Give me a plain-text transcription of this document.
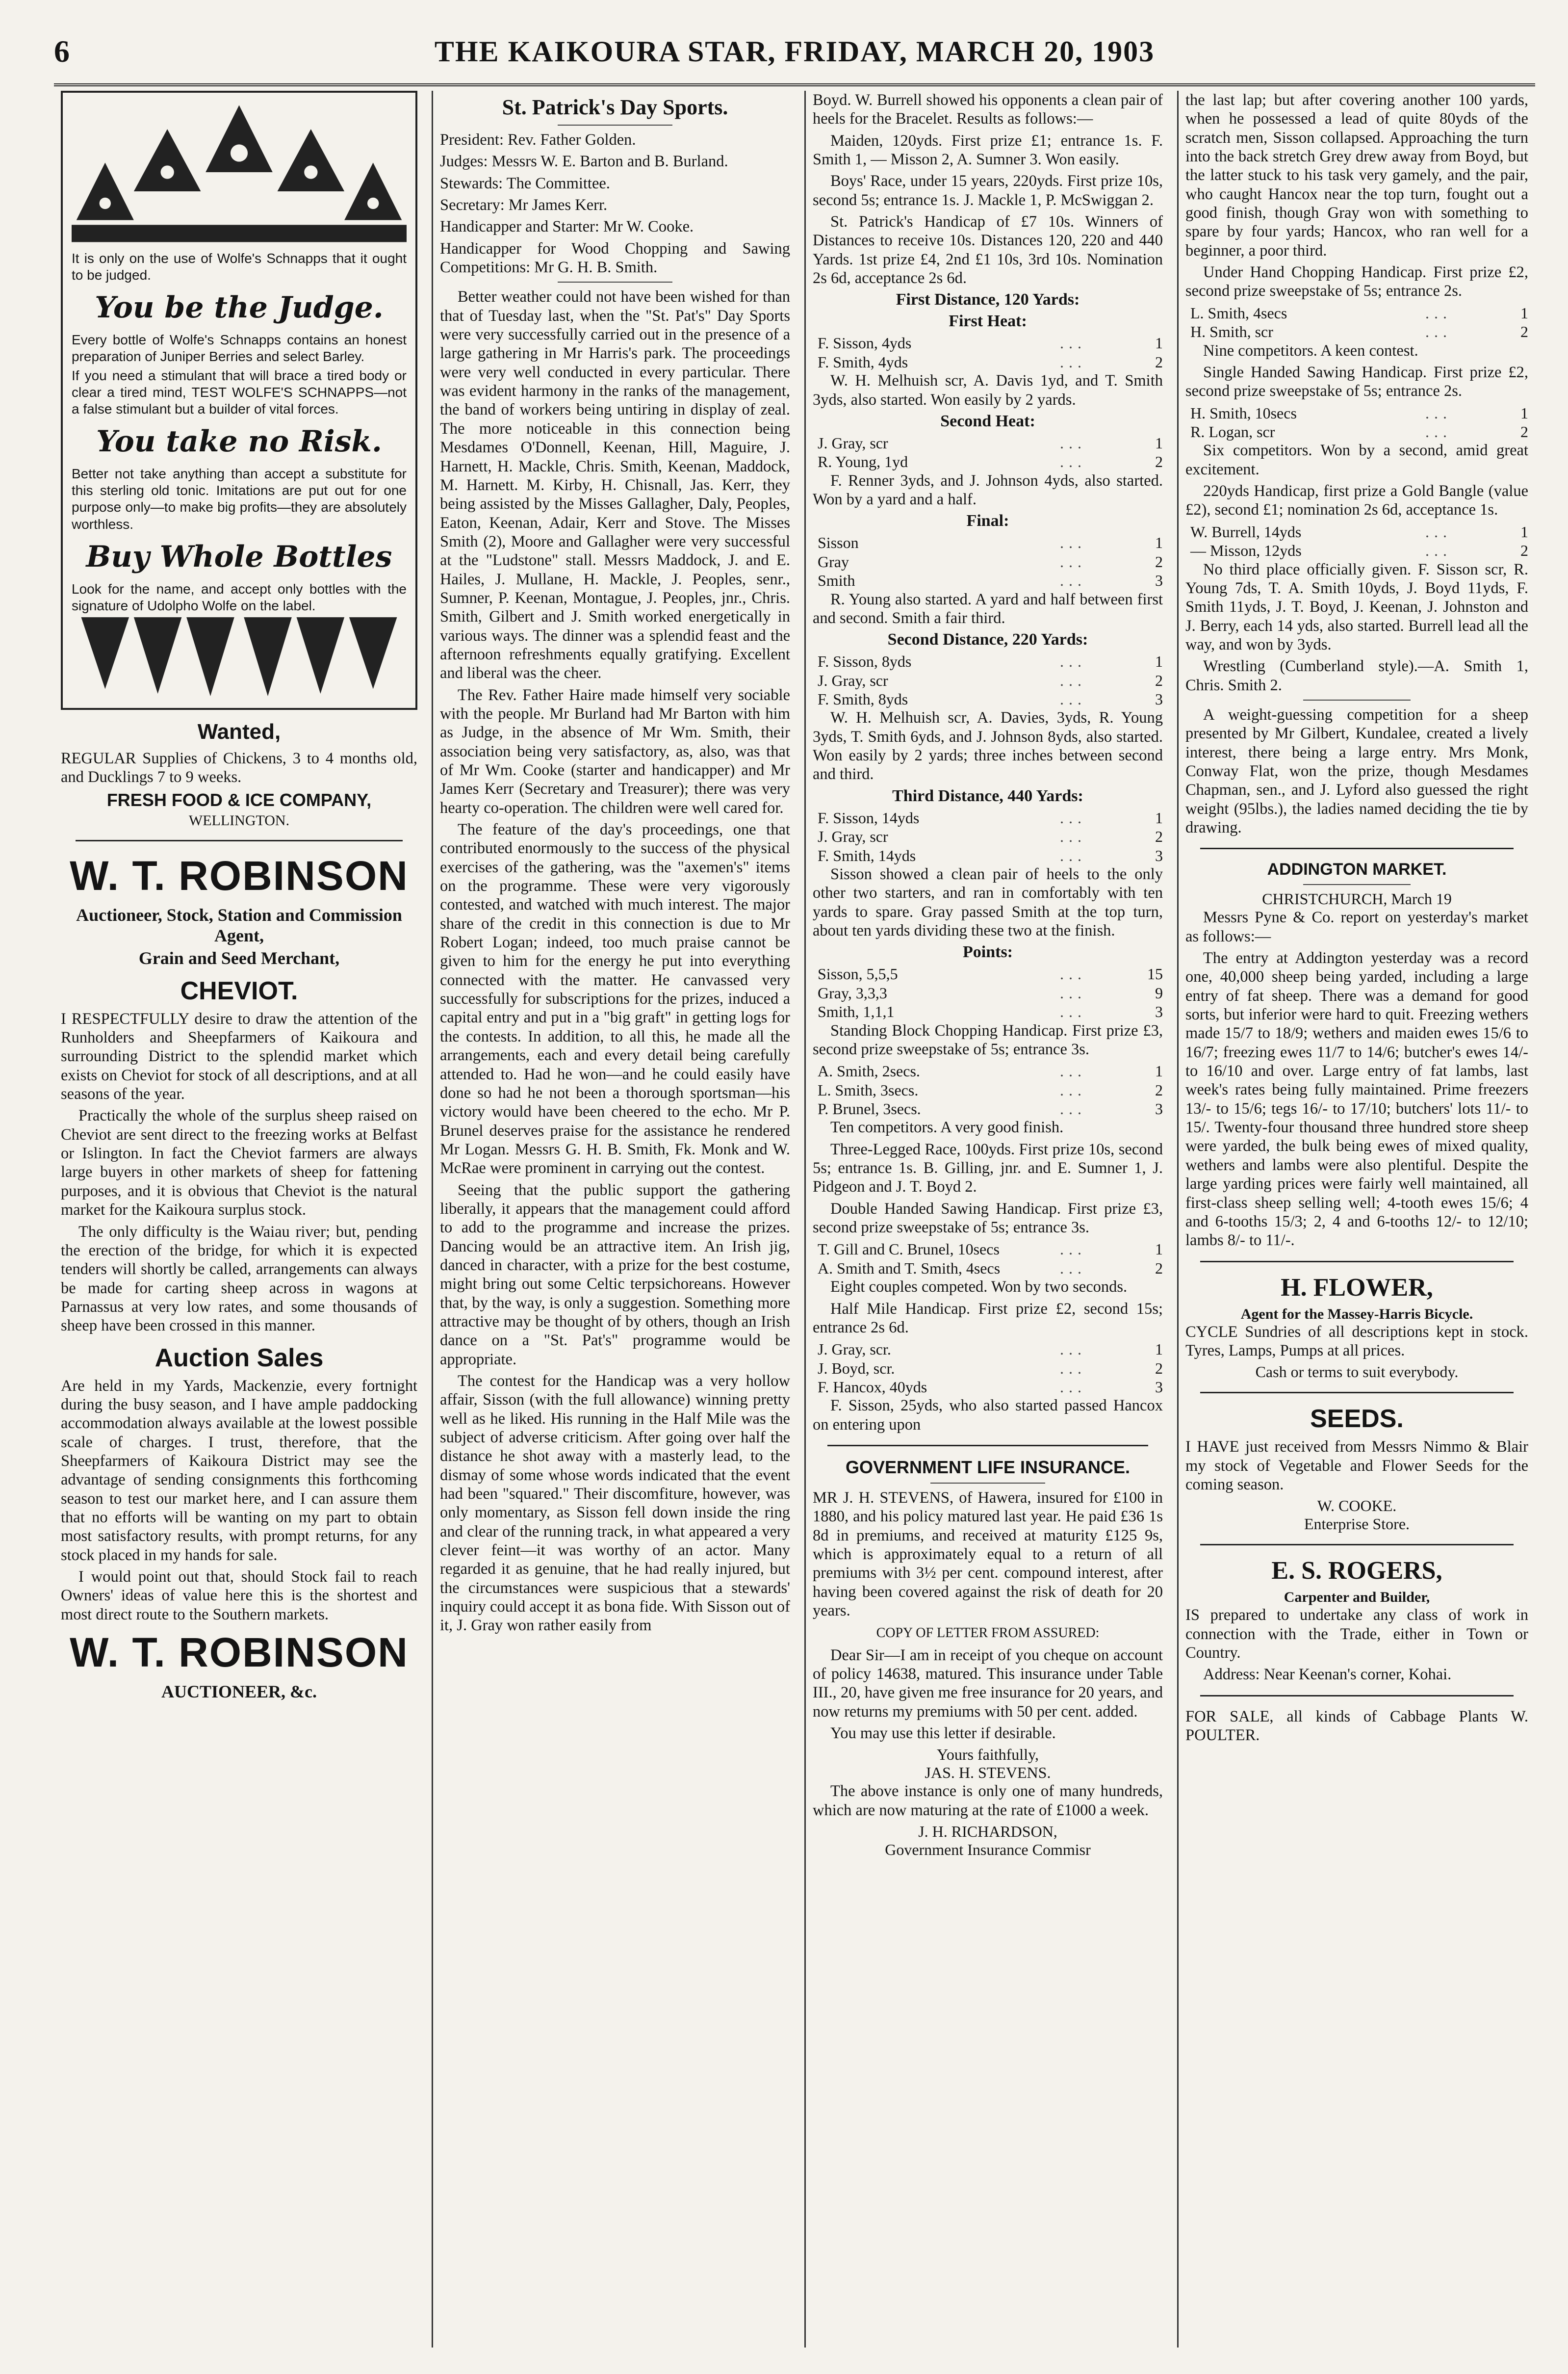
6	THE KAIKOURA STAR, FRIDAY, MARCH 20, 1903

It is only on the use of Wolfe's Schnapps that it ought to be judged.

You be the Judge.

Every bottle of Wolfe's Schnapps contains an honest preparation of Juniper Berries and select Barley.

If you need a stimulant that will brace a tired body or clear a tired mind, TEST WOLFE'S SCHNAPPS—not a false stimulant but a builder of vital forces.

You take no Risk.

Better not take anything than accept a substitute for this sterling old tonic. Imitations are put out for one purpose only—to make big profits—they are absolutely worthless.

Buy Whole Bottles

Look for the name, and accept only bottles with the signature of Udolpho Wolfe on the label.

Wanted,

REGULAR Supplies of Chickens, 3 to 4 months old, and Ducklings 7 to 9 weeks.

FRESH FOOD & ICE COMPANY,
WELLINGTON.
W. T. ROBINSON
Auctioneer, Stock, Station and Commission Agent,
Grain and Seed Merchant,
CHEVIOT.

I RESPECTFULLY desire to draw the attention of the Runholders and Sheepfarmers of Kaikoura and surrounding District to the splendid market which exists on Cheviot for stock of all descriptions, and at all seasons of the year.

Practically the whole of the surplus sheep raised on Cheviot are sent direct to the freezing works at Belfast or Islington. In fact the Cheviot farmers are always large buyers in other markets of sheep for fattening purposes, and it is obvious that Cheviot is the natural market for the Kaikoura surplus stock.

The only difficulty is the Waiau river; but, pending the erection of the bridge, for which it is expected tenders will shortly be called, arrangements can always be made for carting sheep across in wagons at Parnassus at very low rates, and some thousands of sheep have been crossed in this manner.

Auction Sales

Are held in my Yards, Mackenzie, every fortnight during the busy season, and I have ample paddocking accommodation always available at the lowest possible scale of charges. I trust, therefore, that the Sheepfarmers of Kaikoura District may see the advantage of sending consignments this forthcoming season to test our market here, and I can assure them that no efforts will be wanting on my part to obtain most satisfactory results, with prompt returns, for any stock placed in my hands for sale.

I would point out that, should Stock fail to reach Owners' ideas of value here this is the shortest and most direct route to the Southern markets.

W. T. ROBINSON
AUCTIONEER, &c.
St. Patrick's Day Sports.

President: Rev. Father Golden.

Judges: Messrs W. E. Barton and B. Burland.

Stewards: The Committee.

Secretary: Mr James Kerr.

Handicapper and Starter: Mr W. Cooke.

Handicapper for Wood Chopping and Sawing Competitions: Mr G. H. B. Smith.

Better weather could not have been wished for than that of Tuesday last, when the "St. Pat's" Day Sports were very successfully carried out in the presence of a large gathering in Mr Harris's park. The proceedings were very well conducted in every particular. There was evident harmony in the ranks of the management, the band of workers being untiring in display of zeal. The more noticeable in this connection being Mesdames O'Donnell, Keenan, Hill, Maguire, J. Harnett, H. Mackle, Chris. Smith, Keenan, Maddock, M. Harnett. M. Kirby, H. Chisnall, Jas. Kerr, they being assisted by the Misses Gallagher, Daly, Peoples, Eaton, Keenan, Adair, Kerr and Stove. The Misses Smith (2), Moore and Gallagher were very successful at the "Ludstone" stall. Messrs Maddock, J. and E. Hailes, J. Mullane, H. Mackle, J. Peoples, senr., Sumner, P. Keenan, Montague, J. Peoples, jnr., Chris. Smith, Gilbert and J. Smith worked energetically in various ways. The dinner was a splendid feast and the afternoon refreshments equally gratifying. Excellent and liberal was the cheer.

The Rev. Father Haire made himself very sociable with the people. Mr Burland had Mr Barton with him as Judge, in the absence of Mr Wm. Smith, their association being very satisfactory, as, also, was that of Mr Wm. Cooke (starter and handicapper) and Mr James Kerr (Secretary and Treasurer); there was very hearty co-operation. The children were well cared for.

The feature of the day's proceedings, one that contributed enormously to the success of the physical exercises of the gathering, was the "axemen's" items on the programme. These were very vigorously contested, and watched with much interest. The major share of the credit in this connection is due to Mr Robert Logan; indeed, too much praise cannot be given to him for the energy he put into everything connected with the matter. He canvassed very successfully for subscriptions for the prizes, induced a capital entry and put in a "big graft" in getting logs for the contests. In addition, to all this, he made all the arrangements, each and every detail being carefully attended to. Had he won—and he could easily have done so had he not been a thorough sportsman—his victory would have been cheered to the echo. Mr P. Brunel deserves praise for the assistance he rendered Mr Logan. Messrs G. H. B. Smith, Fk. Monk and W. McRae were prominent in carrying out the contest.

Seeing that the public support the gathering liberally, it appears that the management could afford to add to the programme and increase the prizes. Dancing would be an attractive item. An Irish jig, danced in character, with a prize for the best costume, might bring out some Celtic terpsichoreans. However that, by the way, is only a suggestion. Something more attractive may be thought of by others, though an Irish dance on a "St. Pat's" programme would be appropriate.

The contest for the Handicap was a very hollow affair, Sisson (with the full allowance) winning pretty well as he liked. His running in the Half Mile was the subject of adverse criticism. After going over half the distance he shot away with a masterly lead, to the dismay of some whose words indicated that the event had been "squared." Their discomfiture, however, was only momentary, as Sisson fell down inside the ring and clear of the running track, in what appeared a very clever feint—it was worthy of an actor. Many regarded it as genuine, that he had really injured, but the circumstances were suspicious that a stewards' inquiry could accept it as bona fide. With Sisson out of it, J. Gray won rather easily from

Boyd. W. Burrell showed his opponents a clean pair of heels for the Bracelet. Results as follows:—

Maiden, 120yds. First prize £1; entrance 1s. F. Smith 1, — Misson 2, A. Sumner 3. Won easily.

Boys' Race, under 15 years, 220yds. First prize 10s, second 5s; entrance 1s. J. Mackle 1, P. McSwiggan 2.

St. Patrick's Handicap of £7 10s. Winners of Distances to receive 10s. Distances 120, 220 and 440 Yards. 1st prize £4, 2nd £1 10s, 3rd 10s. Nomination 2s 6d, acceptance 2s 6d.

First Distance, 120 Yards:
First Heat:
F. Sisson, 4yds	...	1
F. Smith, 4yds	...	2

W. H. Melhuish scr, A. Davis 1yd, and T. Smith 3yds, also started. Won easily by 2 yards.

Second Heat:
J. Gray, scr	...	1
R. Young, 1yd	...	2

F. Renner 3yds, and J. Johnson 4yds, also started. Won by a yard and a half.

Final:
Sisson	...	1
Gray	...	2
Smith	...	3

R. Young also started. A yard and half between first and second. Smith a fair third.

Second Distance, 220 Yards:
F. Sisson, 8yds	...	1
J. Gray, scr	...	2
F. Smith, 8yds	...	3

W. H. Melhuish scr, A. Davies, 3yds, R. Young 3yds, T. Smith 6yds, and J. Johnson 8yds, also started. Won easily by 2 yards; three inches between second and third.

Third Distance, 440 Yards:
F. Sisson, 14yds	...	1
J. Gray, scr	...	2
F. Smith, 14yds	...	3

Sisson showed a clean pair of heels to the only other two starters, and ran in comfortably with ten yards to spare. Gray passed Smith at the top turn, about ten yards dividing these two at the finish.

Points:
Sisson, 5,5,5	...	15
Gray, 3,3,3	...	9
Smith, 1,1,1	...	3

Standing Block Chopping Handicap. First prize £3, second prize sweepstake of 5s; entrance 3s.

A. Smith, 2secs.	...	1
L. Smith, 3secs.	...	2
P. Brunel, 3secs.	...	3

Ten competitors. A very good finish.

Three-Legged Race, 100yds. First prize 10s, second 5s; entrance 1s. B. Gilling, jnr. and E. Sumner 1, J. Pidgeon and J. T. Boyd 2.

Double Handed Sawing Handicap. First prize £3, second prize sweepstake of 5s; entrance 3s.

T. Gill and C. Brunel, 10secs	...	1
A. Smith and T. Smith, 4secs	...	2

Eight couples competed. Won by two seconds.

Half Mile Handicap. First prize £2, second 15s; entrance 2s 6d.

J. Gray, scr.	...	1
J. Boyd, scr.	...	2
F. Hancox, 40yds	...	3

F. Sisson, 25yds, who also started passed Hancox on entering upon

GOVERNMENT LIFE INSURANCE.

MR J. H. STEVENS, of Hawera, insured for £100 in 1880, and his policy matured last year. He paid £36 1s 8d in premiums, and received at maturity £125 9s, which is approximately equal to a return of all premiums with 3½ per cent. compound interest, after having been covered against the risk of death for 20 years.

COPY OF LETTER FROM ASSURED:

Dear Sir—I am in receipt of you cheque on account of policy 14638, matured. This insurance under Table III., 20, have given me free insurance for 20 years, and now returns my premiums with 50 per cent. added.

You may use this letter if desirable.

Yours faithfully,
JAS. H. STEVENS.

The above instance is only one of many hundreds, which are now maturing at the rate of £1000 a week.

J. H. RICHARDSON,
Government Insurance Commisr

the last lap; but after covering another 100 yards, when he possessed a lead of quite 80yds of the scratch men, Sisson collapsed. Approaching the turn into the back stretch Grey drew away from Boyd, but the latter stuck to his task very gamely, and the pair, who caught Hancox near the top turn, fought out a good finish, though Gray won with something to spare by four yards; Hancox, who ran well for a beginner, a poor third.

Under Hand Chopping Handicap. First prize £2, second prize sweepstake of 5s; entrance 2s.

L. Smith, 4secs	...	1
H. Smith, scr	...	2

Nine competitors. A keen contest.

Single Handed Sawing Handicap. First prize £2, second prize sweepstake of 5s; entrance 2s.

H. Smith, 10secs	...	1
R. Logan, scr	...	2

Six competitors. Won by a second, amid great excitement.

220yds Handicap, first prize a Gold Bangle (value £2), second £1; nomination 2s 6d, acceptance 1s.

W. Burrell, 14yds	...	1
— Misson, 12yds	...	2

No third place officially given. F. Sisson scr, R. Young 7ds, T. A. Smith 10yds, J. Boyd 11yds, F. Smith 11yds, J. T. Boyd, J. Keenan, J. Johnston and J. Berry, each 14 yds, also started. Burrell lead all the way, and won by 3yds.

Wrestling (Cumberland style).—A. Smith 1, Chris. Smith 2.

A weight-guessing competition for a sheep presented by Mr Gilbert, Kundalee, created a lively interest, there being a large entry. Mrs Monk, Conway Flat, won the prize, though Mesdames Chapman, sen., and J. Lyford also guessed the right weight (95lbs.), the ladies named deciding the tie by drawing.

ADDINGTON MARKET.
CHRISTCHURCH, March 19

Messrs Pyne & Co. report on yesterday's market as follows:—

The entry at Addington yesterday was a record one, 40,000 sheep being yarded, including a large entry of fat sheep. There was a demand for good sorts, but inferior were hard to quit. Freezing wethers made 15/7 to 18/9; wethers and maiden ewes 15/6 to 16/7; freezing ewes 11/7 to 14/6; butcher's ewes 14/- to 16/10 and over. Large entry of fat lambs, last week's rates being fully maintained. Prime freezers 13/- to 15/6; tegs 16/- to 17/10; butchers' lots 11/- to 15/. Twenty-four thousand three hundred store sheep were yarded, the bulk being ewes of mixed quality, wethers and lambs were also plentiful. Despite the large yarding prices were fairly well maintained, all first-class sheep selling well; 4-tooth ewes 15/6; 4 and 6-tooths 15/3; 2, 4 and 6-tooths 12/- to 12/10; lambs 8/- to 11/-.

H. FLOWER,
Agent for the Massey-Harris Bicycle.

CYCLE Sundries of all descriptions kept in stock. Tyres, Lamps, Pumps at all prices.

Cash or terms to suit everybody.
SEEDS.

I HAVE just received from Messrs Nimmo & Blair my stock of Vegetable and Flower Seeds for the coming season.

W. COOKE.
Enterprise Store.
E. S. ROGERS,
Carpenter and Builder,

IS prepared to undertake any class of work in connection with the Trade, either in Town or Country.

Address: Near Keenan's corner, Kohai.

FOR SALE, all kinds of Cabbage Plants W. POULTER.
